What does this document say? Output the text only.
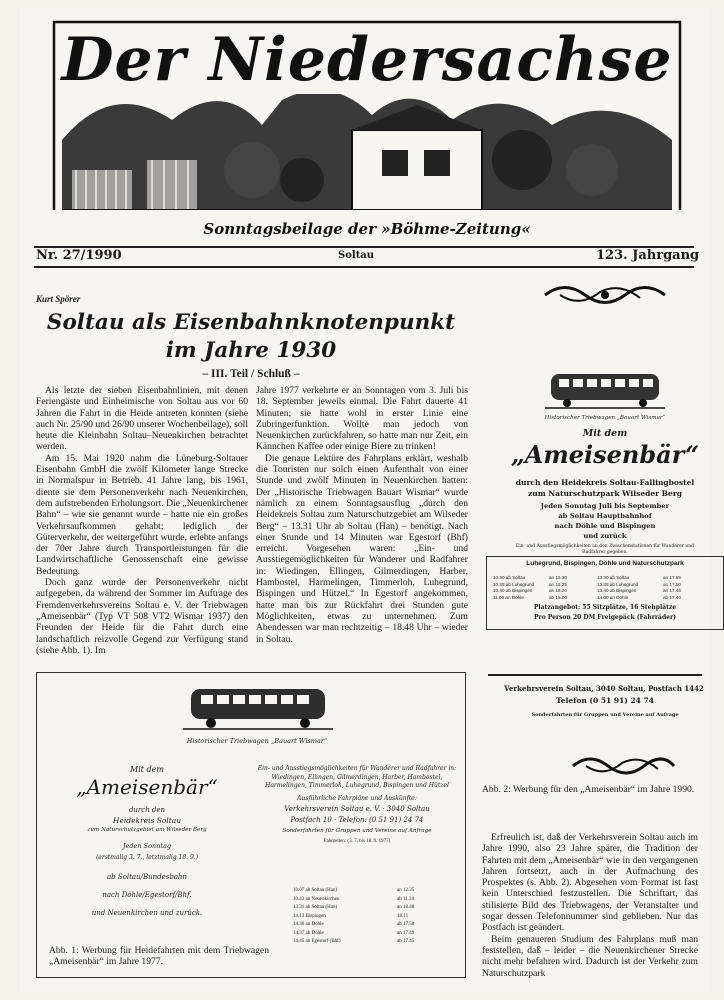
Der Niedersachse
Sonntagsbeilage der »Böhme-Zeitung«
Nr. 27/1990	Soltau	123. Jahrgang
Kurt Spörer
Soltau als Eisenbahnknotenpunkt
im Jahre 1930
– III. Teil / Schluß –

Als letzte der sieben Eisenbahnlinien, mit denen Feriengäste und Einheimische von Soltau aus vor 60 Jahren die Fahrt in die Heide antreten konnten (siehe auch Nr. 25/90 und 26/90 unserer Wochenbeilage), soll heute die Kleinbahn Soltau–Neuenkirchen betrachtet werden.

Am 15. Mai 1920 nahm die Lüneburg-Soltauer Eisenbahn GmbH die zwölf Kilometer lange Strecke in Normalspur in Betrieb. 41 Jahre lang, bis 1961, diente sie dem Personenverkehr nach Neuenkirchen, dem aufstrebenden Erholungsort. Die „Neuenkirchener Bahn“ – wie sie genannt wurde – hatte nie ein großes Verkehrsaufkommen gehabt; lediglich der Güterverkehr, der weitergeführt wurde, erlebte anfangs der 70er Jahre durch Transportleistungen für die Landwirtschaftliche Genossenschaft eine gewisse Bedeutung.

Doch ganz wurde der Personenverkehr nicht aufgegeben, da während der Sommer im Auftrage des Fremdenverkehrsvereins Soltau e. V. der Triebwagen „Ameisenbär“ (Typ VT 508 VT2 Wismar 1937) den Freunden der Heide für die Fahrt durch eine landschaftlich reizvolle Gegend zur Verfügung stand (siehe Abb. 1). Im

Jahre 1977 verkehrte er an Sonntagen vom 3. Juli bis 18. September jeweils einmal. Die Fahrt dauerte 41 Minuten; sie hatte wohl in erster Linie eine Zubringerfunktion. Wollte man jedoch von Neuenkirchen zurückfahren, so hatte man nur Zeit, ein Kännchen Kaffee oder einige Biere zu trinken!

Die genaue Lektüre des Fahrplans erklärt, weshalb die Touristen nur solch einen Aufenthalt von einer Stunde und zwölf Minuten in Neuenkirchen hatten: Der „Historische Triebwagen Bauart Wismar“ wurde nämlich zu einem Sonntagsausflug „durch den Heidekreis Soltau zum Naturschutzgebiet am Wilseder Berg“ – 13.31 Uhr ab Soltau (Han) – benötigt. Nach einer Stunde und 14 Minuten war Egestorf (Bhf) erreicht. Vorgesehen waren: „Ein- und Ausstiegemöglichkeiten für Wanderer und Radfahrer in: Wiedingen, Ellingen, Gilmerdingen, Harber, Hambostel, Harmelingen, Timmerloh, Luhegrund, Bispingen und Hützel.“ In Egestorf angekommen, hatte man bis zur Rückfahrt drei Stunden gute Möglichkeiten, etwas zu unternehmen. Zum Abendessen war man rechtzeitig – 18.48 Uhr – wieder in Soltau.

Historischer Triebwagen „Bauart Wismar“
Mit dem
„Ameisenbär“
durch den Heidekreis Soltau-Fallingbostel
zum Naturschutzpark Wilseder Berg
Jeden Sonntag Juli bis September
ab Soltau Hauptbahnhof
nach Döhle und Bispingen
und zurück
Ein- und Ausstiegsmöglichkeiten an den Zwischenstationen für Wanderer und Radfahrer gegeben.
Luhegrund, Bispingen, Döhle und Naturschutzpark
10.30 ab Soltau
10.35 ab Luhegrund
10.40 ab Bispingen
11.00 an Döhle
an 15.30
an 15.25
an 15.20
ab 15.00
13.30 ab Soltau
13.35 ab Luhegrund
13.40 ab Bispingen
14.00 an Döhle
an 17.55
an 17.50
an 17.45
ab 17.40
Platzangebot: 55 Sitzplätze, 16 Stehplätze
Pro Person 20 DM Freigepäck (Fahrräder)
Verkehrsverein Soltau, 3040 Soltau, Postfach 1442
Telefon (0 51 91) 24 74
Sonderfahrten für Gruppen und Vereine auf Anfrage
Abb. 2: Werbung für den „Ameisenbär“ im Jahre 1990.

Erfreulich ist, daß der Verkehrsverein Soltau auch im Jahre 1990, also 23 Jahre später, die Tradition der Fahrten mit dem „Ameisenbär“ wie in den vergangenen Jahren fortsetzt, auch in der Aufmachung des Prospektes (s. Abb. 2). Abgesehen vom Format ist fast kein Unterschied festzustellen. Die Schriftart, das stilisierte Bild des Triebwagens, der Veranstalter und sogar dessen Telefonnummer sind geblieben. Nur das Postfach ist geändert.

Beim genaueren Studium des Fahrplans muß man feststellen, daß – leider – die Neuenkirchener Strecke nicht mehr befahren wird. Dadurch ist der Verkehr zum Naturschutzpark

Historischer Triebwagen „Bauart Wismar“
Mit dem
„Ameisenbär“
durch den
Heidekreis Soltau
zum Naturschutzgebiet am Wilseder Berg
Jeden Sonntag
(erstmalig 3. 7., letztmalig 18. 9.)
ab Soltau/Bundesbahn
nach Döhle/Egestorf/Bhf.
und Neuenkirchen und zurück.
Ein- und Ausstiegsmöglichkeiten für Wanderer und Radfahrer in:
Wiedingen, Ellingen, Gilmerdingen, Harber, Hambostel, Harmelingen, Timmerloh, Luhegrund, Bispingen und Hützel
Ausführliche Fahrpläne und Auskünfte:
Verkehrsverein Soltau e. V. · 3040 Soltau
Postfach 10 · Telefon: (0 51 91) 24 74
Sonderfahrten für Gruppen und Vereine auf Anfrage
Fahrzeiten: (3. 7. bis 18. 9. 1977)
10.07 ab Soltau (Han)
10.43 an Neuenkirchen
13.31 ab Soltau (Han)
14.13 Bispingen
14.30 an Döhle
14.37 ab Döhle
14.45 an Egestorf (Bhf)
an 12.35
ab 11.34
an 18.48
18.11
ab 17.50
an 17.49
ab 17.45
Abb. 1: Werbung für Heidefahrten mit dem Triebwagen „Ameisenbär“ im Jahre 1977.
